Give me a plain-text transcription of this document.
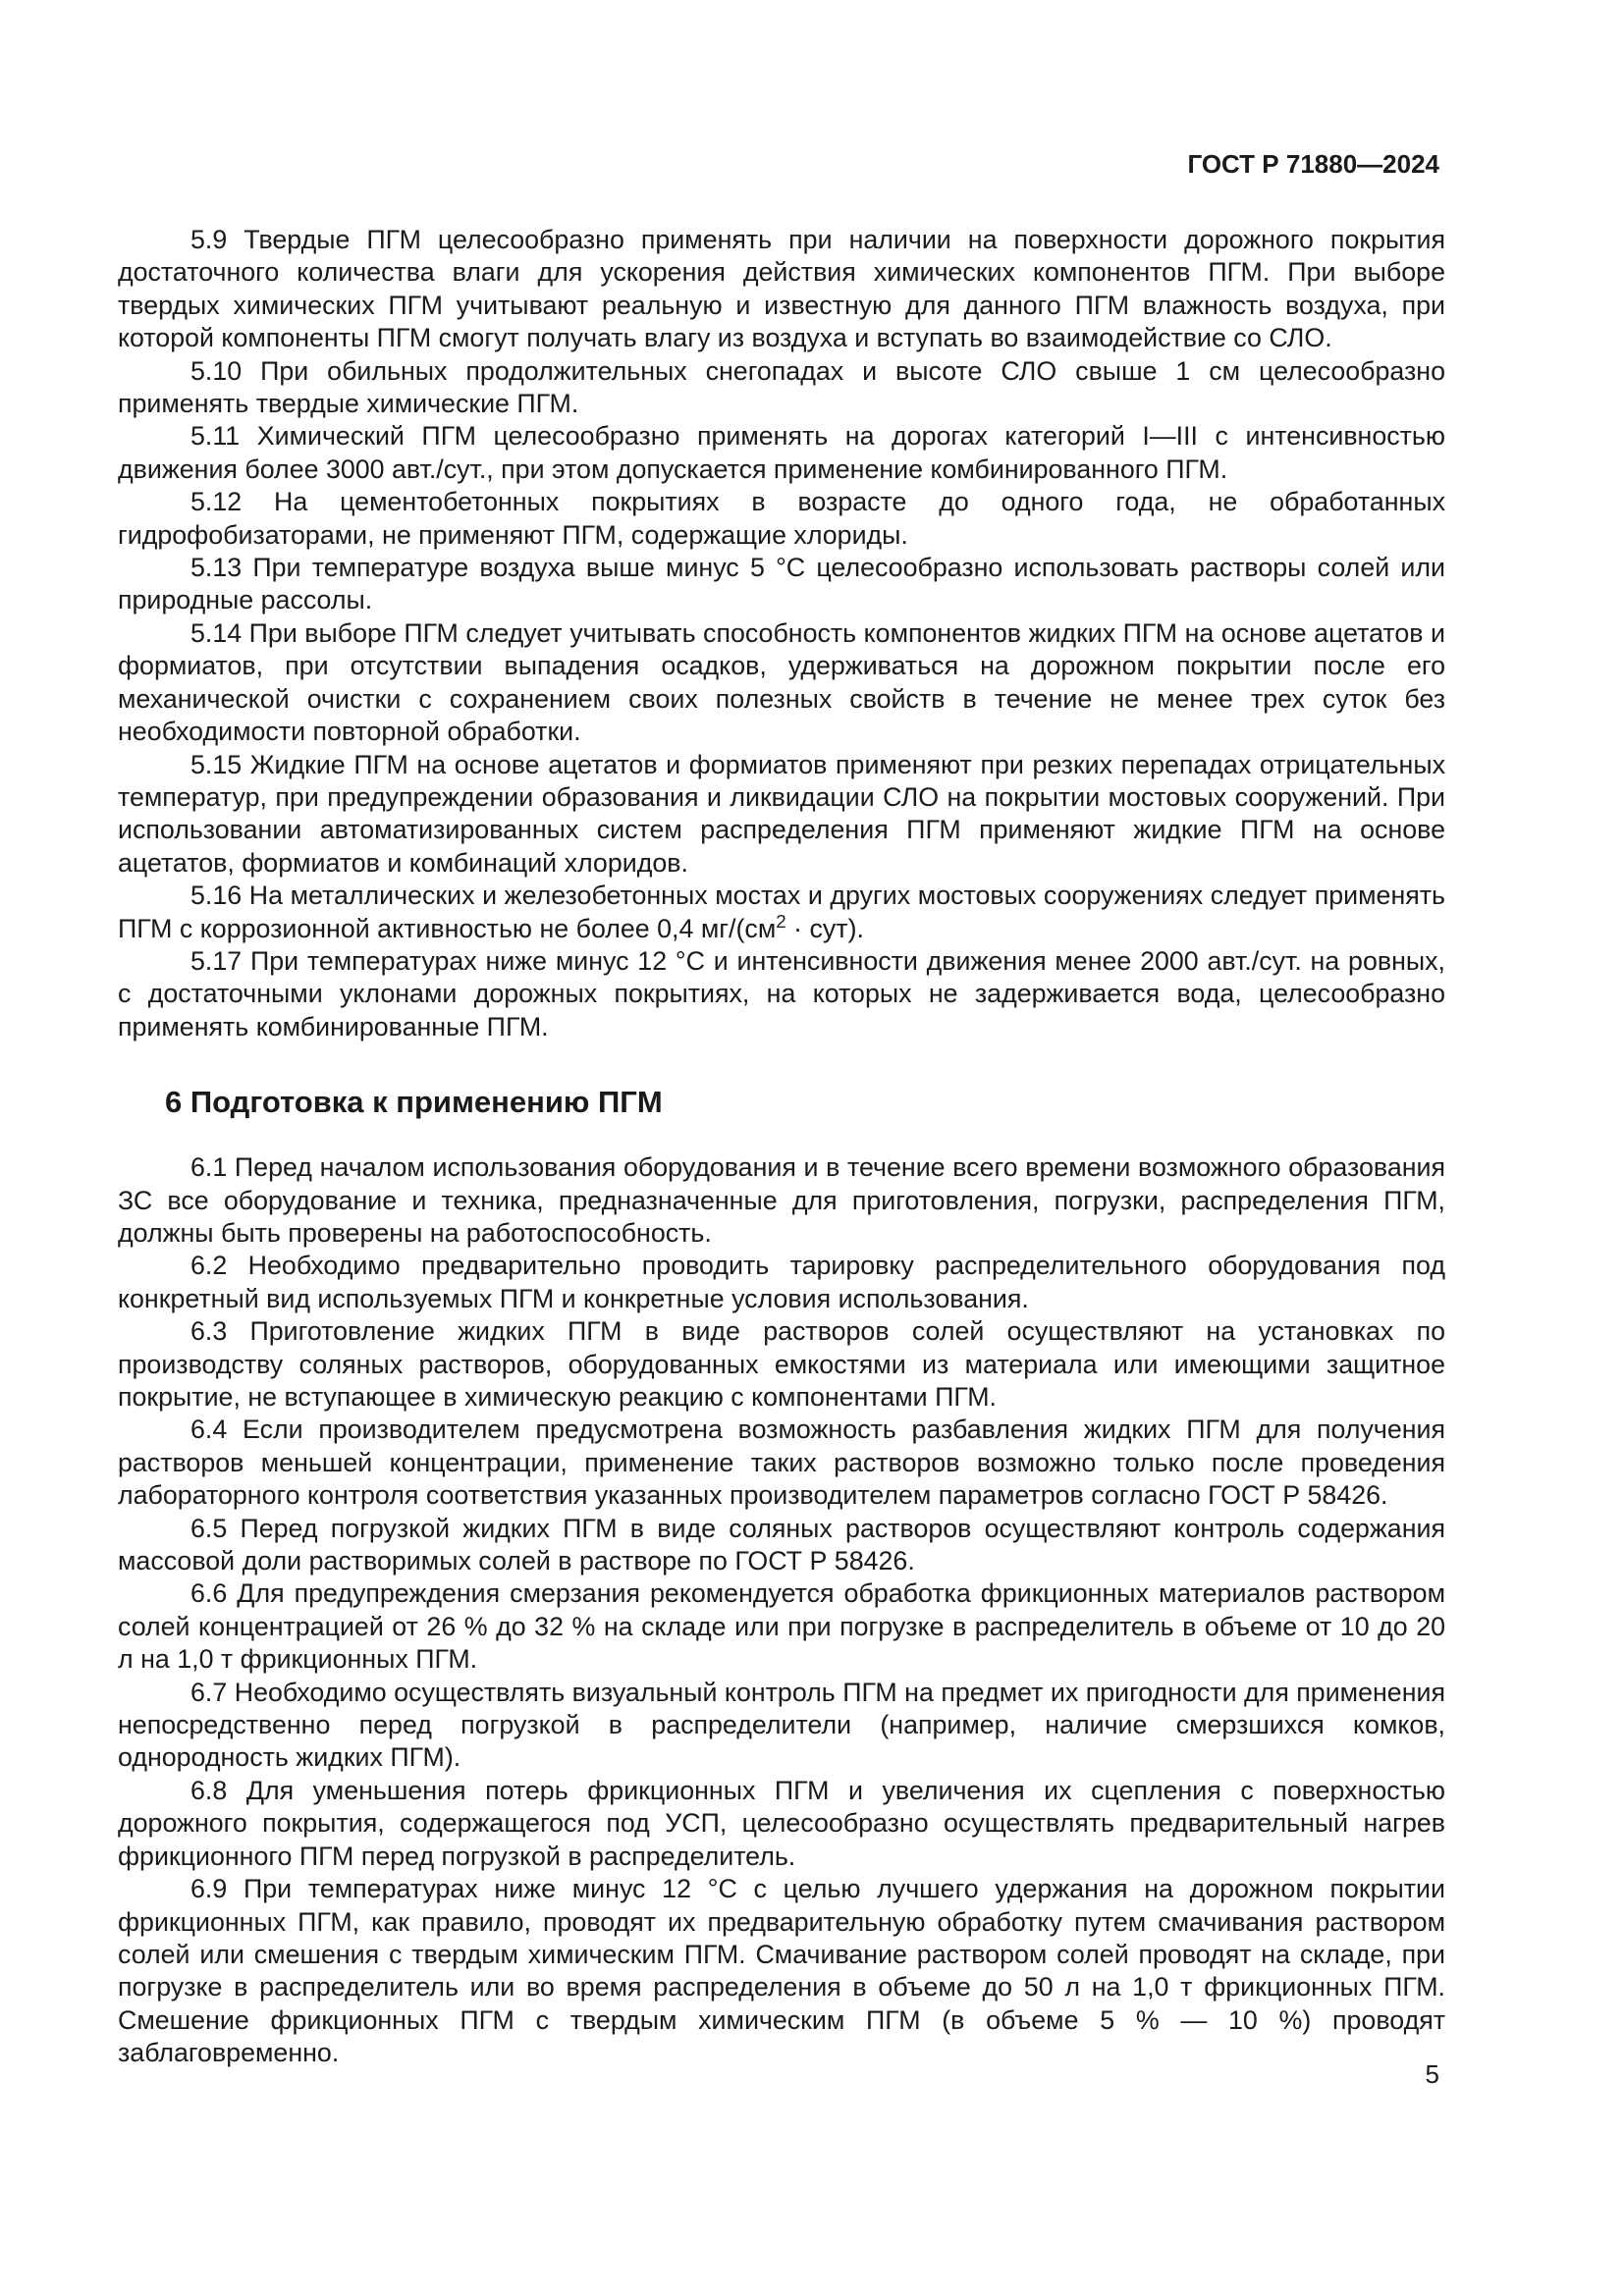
ГОСТ Р 71880—2024

5.9 Твердые ПГМ целесообразно применять при наличии на поверхности дорожного покрытия достаточного количества влаги для ускорения действия химических компонентов ПГМ. При выборе твердых химических ПГМ учитывают реальную и известную для данного ПГМ влажность воздуха, при которой компоненты ПГМ смогут получать влагу из воздуха и вступать во взаимодействие со СЛО.

5.10 При обильных продолжительных снегопадах и высоте СЛО свыше 1 см целесообразно применять твердые химические ПГМ.

5.11 Химический ПГМ целесообразно применять на дорогах категорий I—III с интенсивностью движения более 3000 авт./сут., при этом допускается применение комбинированного ПГМ.

5.12 На цементобетонных покрытиях в возрасте до одного года, не обработанных гидрофобизаторами, не применяют ПГМ, содержащие хлориды.

5.13 При температуре воздуха выше минус 5 °С целесообразно использовать растворы солей или природные рассолы.

5.14 При выборе ПГМ следует учитывать способность компонентов жидких ПГМ на основе ацетатов и формиатов, при отсутствии выпадения осадков, удерживаться на дорожном покрытии после его механической очистки с сохранением своих полезных свойств в течение не менее трех суток без необходимости повторной обработки.

5.15 Жидкие ПГМ на основе ацетатов и формиатов применяют при резких перепадах отрицательных температур, при предупреждении образования и ликвидации СЛО на покрытии мостовых сооружений. При использовании автоматизированных систем распределения ПГМ применяют жидкие ПГМ на основе ацетатов, формиатов и комбинаций хлоридов.

5.16 На металлических и железобетонных мостах и других мостовых сооружениях следует применять ПГМ с коррозионной активностью не более 0,4 $мг/(см^2 \cdot сут)$.

5.17 При температурах ниже минус 12 °С и интенсивности движения менее 2000 авт./сут. на ровных, с достаточными уклонами дорожных покрытиях, на которых не задерживается вода, целесообразно применять комбинированные ПГМ.

6 Подготовка к применению ПГМ

6.1 Перед началом использования оборудования и в течение всего времени возможного образования ЗС все оборудование и техника, предназначенные для приготовления, погрузки, распределения ПГМ, должны быть проверены на работоспособность.

6.2 Необходимо предварительно проводить тарировку распределительного оборудования под конкретный вид используемых ПГМ и конкретные условия использования.

6.3 Приготовление жидких ПГМ в виде растворов солей осуществляют на установках по производству соляных растворов, оборудованных емкостями из материала или имеющими защитное покрытие, не вступающее в химическую реакцию с компонентами ПГМ.

6.4 Если производителем предусмотрена возможность разбавления жидких ПГМ для получения растворов меньшей концентрации, применение таких растворов возможно только после проведения лабораторного контроля соответствия указанных производителем параметров согласно ГОСТ Р 58426.

6.5 Перед погрузкой жидких ПГМ в виде соляных растворов осуществляют контроль содержания массовой доли растворимых солей в растворе по ГОСТ Р 58426.

6.6 Для предупреждения смерзания рекомендуется обработка фрикционных материалов раствором солей концентрацией от 26 % до 32 % на складе или при погрузке в распределитель в объеме от 10 до 20 л на 1,0 т фрикционных ПГМ.

6.7 Необходимо осуществлять визуальный контроль ПГМ на предмет их пригодности для применения непосредственно перед погрузкой в распределители (например, наличие смерзшихся комков, однородность жидких ПГМ).

6.8 Для уменьшения потерь фрикционных ПГМ и увеличения их сцепления с поверхностью дорожного покрытия, содержащегося под УСП, целесообразно осуществлять предварительный нагрев фрикционного ПГМ перед погрузкой в распределитель.

6.9 При температурах ниже минус 12 °С с целью лучшего удержания на дорожном покрытии фрикционных ПГМ, как правило, проводят их предварительную обработку путем смачивания раствором солей или смешения с твердым химическим ПГМ. Смачивание раствором солей проводят на складе, при погрузке в распределитель или во время распределения в объеме до 50 л на 1,0 т фрикционных ПГМ. Смешение фрикционных ПГМ с твердым химическим ПГМ (в объеме 5 % — 10 %) проводят заблаговременно.

5
